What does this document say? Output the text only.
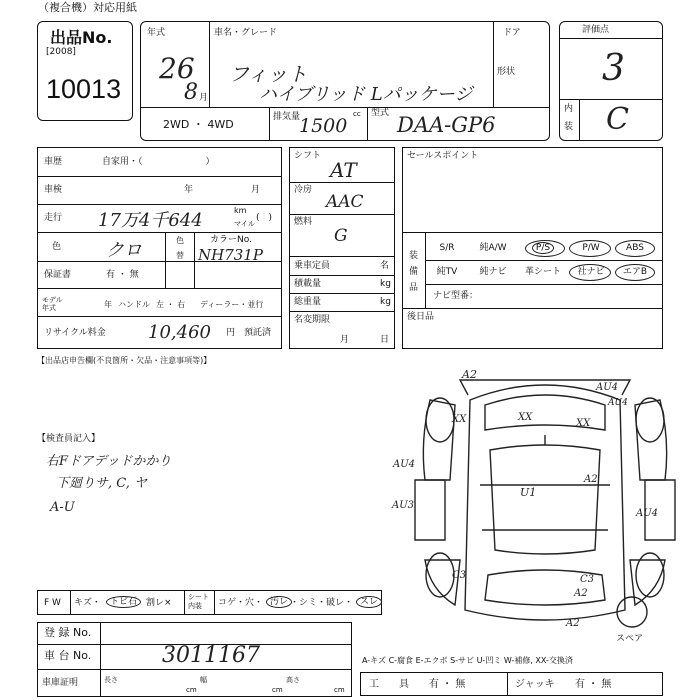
（複合機）対応用紙
出品No.
[2008]
10013
年式
26
8 月
車名・グレード
フィット
ハイブリッド Lパッケージ
ドア
形状
2WD ・ 4WD
排気量	cc
1500
型式 DAA-GP6
評価点
3
内
装 C
車歴	自家用・（　　　　　　　）
車検	年	月
走行 17万4千644	km
マイル
(　)
色 クロ	色
替
カラーNo.
NH731P
保証書	有 ・ 無
モデル
年式	年 ハンドル 左 ・ 右 ディーラー・並行
リサイクル料金 10,460 円 預託済
シフト
AT
冷房
AAC
燃料
G
乗車定員	名
積載量	kg
総重量	kg
名変期限
月	日
セールスポイント
装備品
S/R	純A/W	P/S	P/W	ABS
純TV	純ナビ	革シート	社ナビ	エアB
ナビ型番：
後日品
【出品店申告欄(不良箇所・欠品・注意事項等)】
【検査員記入】
右Fドアデッドかかり
下廻りサ, C, ヤ
A-U
A2
AU4
AU4
XX	XX
XX
AU4
U1
A2
AU3
AU4
C3	C3
A2
A2
スペア
F W キズ・	トビ石 割レ×
シート
内装	コゲ・穴・ 汚レ ・シミ・破レ・ スレ
登 録 No.
車 台 No.	3011167
車庫証明	長さ
cm
幅
cm
高さ
cm
A-キズ C-腐食 E-エクボ S-サビ U-凹ミ W-補修, XX-交換済
工　　具 有 ・ 無	ジャッキ 有 ・ 無
